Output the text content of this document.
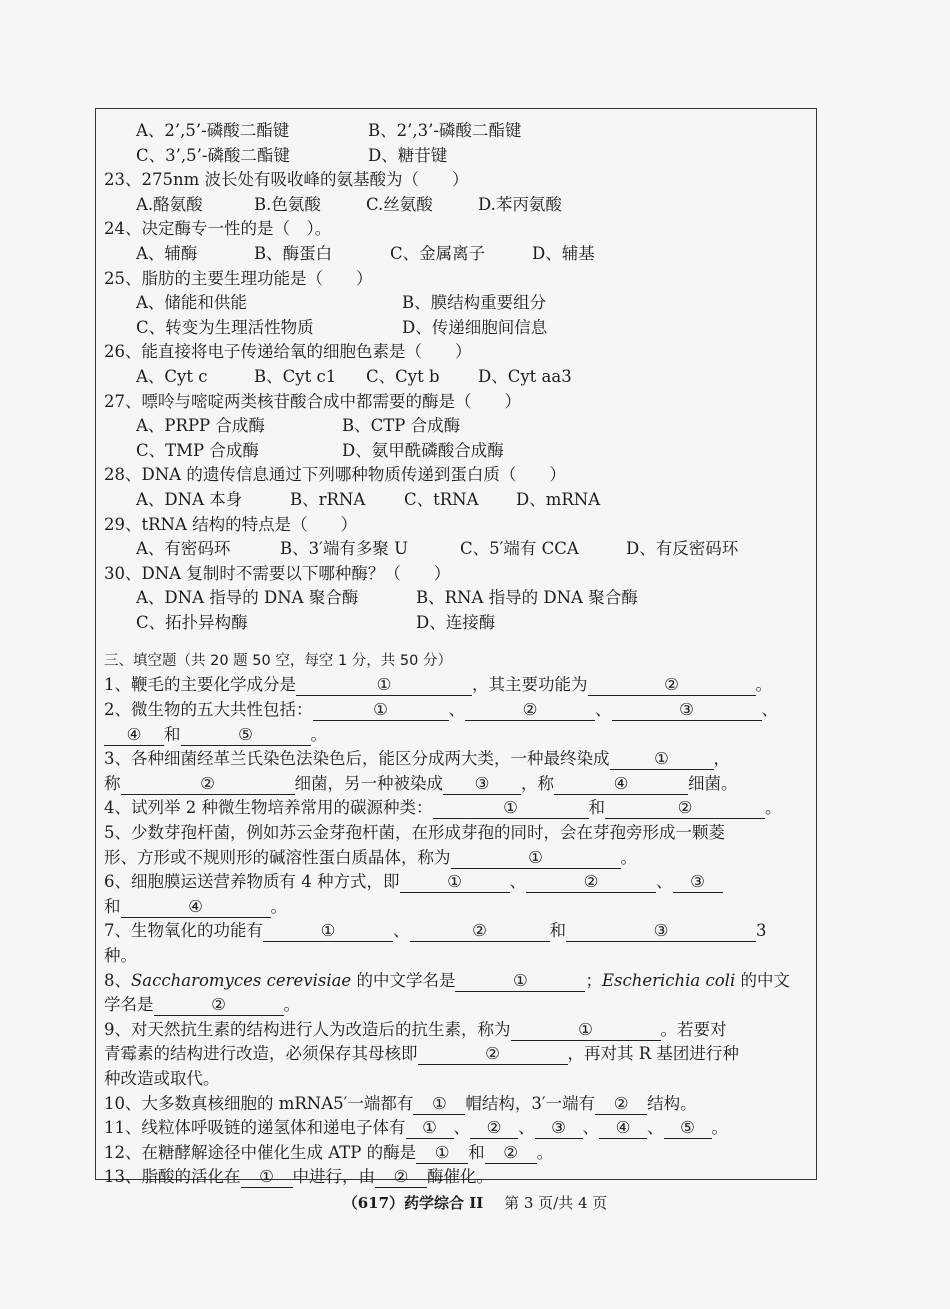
A、2’,5’-磷酸二酯键	B、2’,3’-磷酸二酯键
C、3’,5’-磷酸二酯键	D、糖苷键
23、275nm 波长处有吸收峰的氨基酸为（　　）
A.酪氨酸	B.色氨酸	C.丝氨酸	D.苯丙氨酸
24、决定酶专一性的是（　）。
A、辅酶	B、酶蛋白	C、金属离子	D、辅基
25、脂肪的主要生理功能是（　　）
A、储能和供能	B、膜结构重要组分
C、转变为生理活性物质	D、传递细胞间信息
26、能直接将电子传递给氧的细胞色素是（　　）
A、Cyt c	B、Cyt c1 C、Cyt b D、Cyt aa3
27、嘌呤与嘧啶两类核苷酸合成中都需要的酶是（　　）
A、PRPP 合成酶	B、CTP 合成酶
C、TMP 合成酶	D、氨甲酰磷酸合成酶
28、DNA 的遗传信息通过下列哪种物质传递到蛋白质（　　）
A、DNA 本身	B、rRNA C、tRNA D、mRNA
29、tRNA 结构的特点是（　　）
A、有密码环	B、3′端有多聚 U	C、5′端有 CCA	D、有反密码环
30、DNA 复制时不需要以下哪种酶？（　　）
A、DNA 指导的 DNA 聚合酶	B、RNA 指导的 DNA 聚合酶
C、拓扑异构酶	D、连接酶
三、填空题（共 20 题 50 空，每空 1 分，共 50 分）
1、鞭毛的主要化学成分是	①	，其主要功能为	②	。
2、微生物的五大共性包括：	①	、	②	、	③	、
④ 和	⑤	。
3、各种细菌经革兰氏染色法染色后，能区分成两大类，一种最终染成	①	，
称	②	细菌，另一种被染成 ③ ，称	④	细菌。
4、试列举 2 种微生物培养常用的碳源种类：	①	和	②	。
5、少数芽孢杆菌，例如苏云金芽孢杆菌，在形成芽孢的同时，会在芽孢旁形成一颗菱
形、方形或不规则形的碱溶性蛋白质晶体，称为	①	。
6、细胞膜运送营养物质有 4 种方式，即	①	、	②	、 ③
和	④	。
7、生物氧化的功能有	①	、	②	和	③	3
种。
8、Saccharomyces cerevisiae 的中文学名是	①	；Escherichia coli 的中文
学名是	②	。
9、对天然抗生素的结构进行人为改造后的抗生素，称为	①	。若要对
青霉素的结构进行改造，必须保存其母核即	②	，再对其 R 基团进行种
种改造或取代。
10、大多数真核细胞的 mRNA5′一端都有 ① 帽结构，3′一端有 ② 结构。
11、线粒体呼吸链的递氢体和递电子体有 ① 、 ② 、 ③ 、 ④ 、 ⑤ 。
12、在糖酵解途径中催化生成 ATP 的酶是 ① 和 ② 。
13、脂酸的活化在 ① 中进行，由 ② 酶催化。
（617）药学综合 II 第 3 页/共 4 页
